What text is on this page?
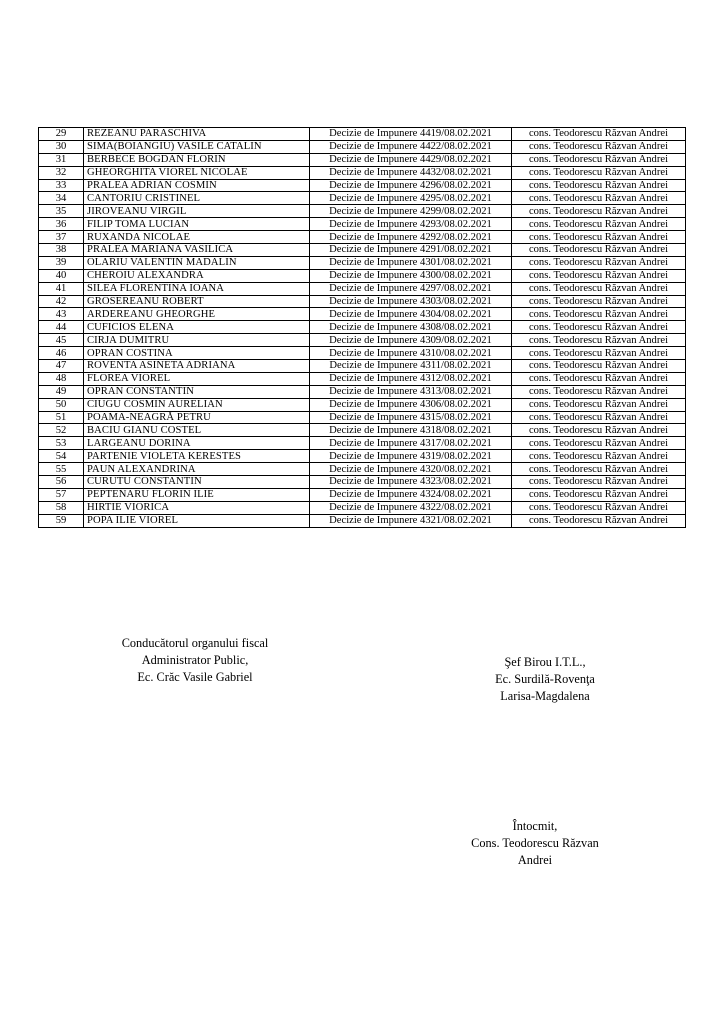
29	REZEANU PARASCHIVA	Decizie de Impunere 4419/08.02.2021	cons. Teodorescu Răzvan Andrei
30	SIMA(BOIANGIU) VASILE CATALIN	Decizie de Impunere 4422/08.02.2021	cons. Teodorescu Răzvan Andrei
31	BERBECE BOGDAN FLORIN	Decizie de Impunere 4429/08.02.2021	cons. Teodorescu Răzvan Andrei
32	GHEORGHITA VIOREL NICOLAE	Decizie de Impunere 4432/08.02.2021	cons. Teodorescu Răzvan Andrei
33	PRALEA ADRIAN COSMIN	Decizie de Impunere 4296/08.02.2021	cons. Teodorescu Răzvan Andrei
34	CANTORIU CRISTINEL	Decizie de Impunere 4295/08.02.2021	cons. Teodorescu Răzvan Andrei
35	JIROVEANU VIRGIL	Decizie de Impunere 4299/08.02.2021	cons. Teodorescu Răzvan Andrei
36	FILIP TOMA LUCIAN	Decizie de Impunere 4293/08.02.2021	cons. Teodorescu Răzvan Andrei
37	RUXANDA NICOLAE	Decizie de Impunere 4292/08.02.2021	cons. Teodorescu Răzvan Andrei
38	PRALEA MARIANA VASILICA	Decizie de Impunere 4291/08.02.2021	cons. Teodorescu Răzvan Andrei
39	OLARIU VALENTIN MADALIN	Decizie de Impunere 4301/08.02.2021	cons. Teodorescu Răzvan Andrei
40	CHEROIU ALEXANDRA	Decizie de Impunere 4300/08.02.2021	cons. Teodorescu Răzvan Andrei
41	SILEA FLORENTINA IOANA	Decizie de Impunere 4297/08.02.2021	cons. Teodorescu Răzvan Andrei
42	GROSEREANU ROBERT	Decizie de Impunere 4303/08.02.2021	cons. Teodorescu Răzvan Andrei
43	ARDEREANU GHEORGHE	Decizie de Impunere 4304/08.02.2021	cons. Teodorescu Răzvan Andrei
44	CUFICIOS ELENA	Decizie de Impunere 4308/08.02.2021	cons. Teodorescu Răzvan Andrei
45	CIRJA DUMITRU	Decizie de Impunere 4309/08.02.2021	cons. Teodorescu Răzvan Andrei
46	OPRAN COSTINA	Decizie de Impunere 4310/08.02.2021	cons. Teodorescu Răzvan Andrei
47	ROVENTA ASINETA ADRIANA	Decizie de Impunere 4311/08.02.2021	cons. Teodorescu Răzvan Andrei
48	FLOREA VIOREL	Decizie de Impunere 4312/08.02.2021	cons. Teodorescu Răzvan Andrei
49	OPRAN CONSTANTIN	Decizie de Impunere 4313/08.02.2021	cons. Teodorescu Răzvan Andrei
50	CIUGU COSMIN AURELIAN	Decizie de Impunere 4306/08.02.2021	cons. Teodorescu Răzvan Andrei
51	POAMA-NEAGRĂ PETRU	Decizie de Impunere 4315/08.02.2021	cons. Teodorescu Răzvan Andrei
52	BACIU GIANU COSTEL	Decizie de Impunere 4318/08.02.2021	cons. Teodorescu Răzvan Andrei
53	LARGEANU DORINA	Decizie de Impunere 4317/08.02.2021	cons. Teodorescu Răzvan Andrei
54	PARTENIE VIOLETA KERESTES	Decizie de Impunere 4319/08.02.2021	cons. Teodorescu Răzvan Andrei
55	PAUN ALEXANDRINA	Decizie de Impunere 4320/08.02.2021	cons. Teodorescu Răzvan Andrei
56	CURUTU CONSTANTIN	Decizie de Impunere 4323/08.02.2021	cons. Teodorescu Răzvan Andrei
57	PEPTENARU FLORIN ILIE	Decizie de Impunere 4324/08.02.2021	cons. Teodorescu Răzvan Andrei
58	HIRTIE VIORICA	Decizie de Impunere 4322/08.02.2021	cons. Teodorescu Răzvan Andrei
59	POPA ILIE VIOREL	Decizie de Impunere 4321/08.02.2021	cons. Teodorescu Răzvan Andrei
Conducătorul organului fiscal
Administrator Public,
Ec. Crăc Vasile Gabriel
Şef Birou I.T.L.,
Ec. Surdilă-Rovenţa
Larisa-Magdalena
Întocmit,
Cons. Teodorescu Răzvan
Andrei
